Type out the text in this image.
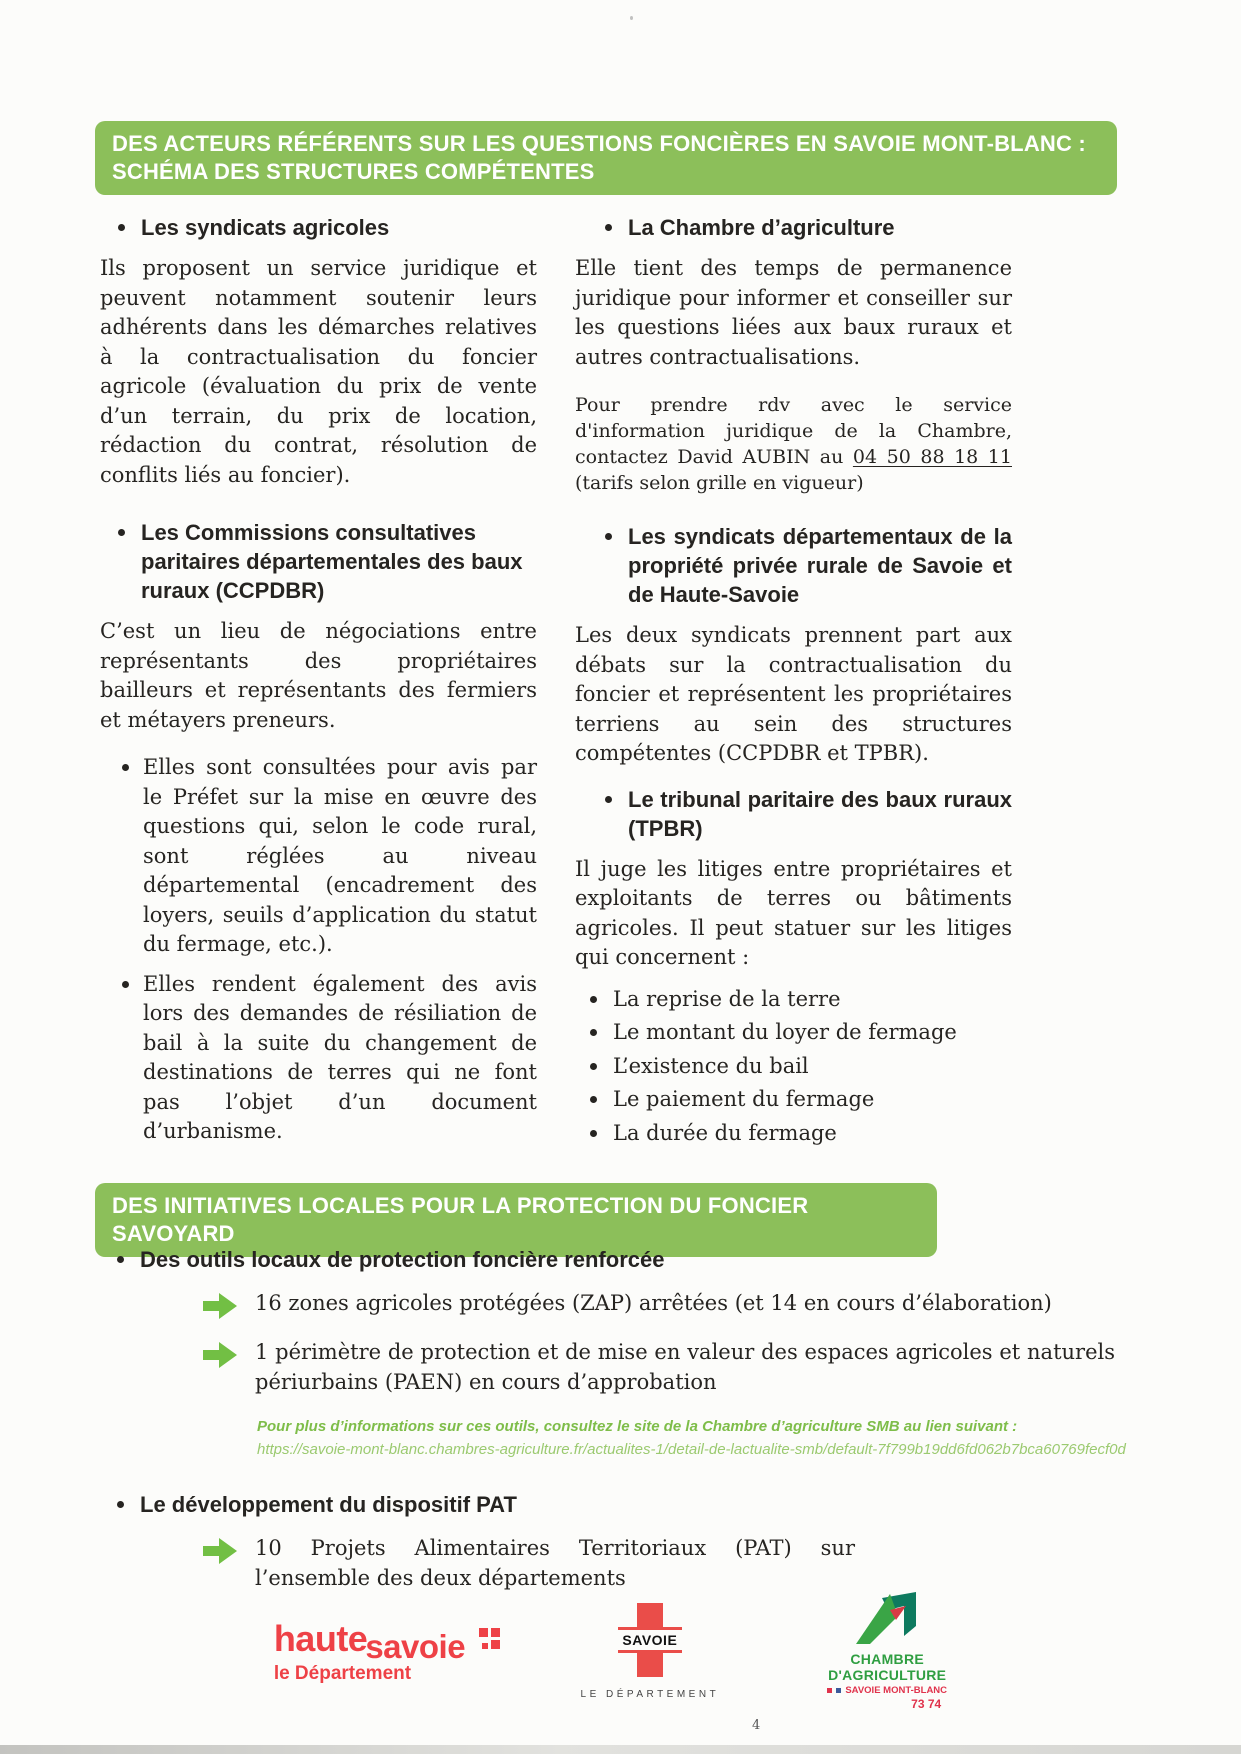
DES ACTEURS RÉFÉRENTS SUR LES QUESTIONS FONCIÈRES EN SAVOIE MONT-BLANC :
SCHÉMA DES STRUCTURES COMPÉTENTES
Les syndicats agricoles

Ils proposent un service juridique et peuvent notamment soutenir leurs adhérents dans les démarches relatives à la contractualisation du foncier agricole (évaluation du prix de vente d’un terrain, du prix de location, rédaction du contrat, résolution de conflits liés au foncier).

Les Commissions consultatives paritaires départementales des baux ruraux (CCPDBR)

C’est un lieu de négociations entre représentants des propriétaires bailleurs et représentants des fermiers et métayers preneurs.

Elles sont consultées pour avis par le Préfet sur la mise en œuvre des questions qui, selon le code rural, sont réglées au niveau départemental (encadrement des loyers, seuils d’application du statut du fermage, etc.).
Elles rendent également des avis lors des demandes de résiliation de bail à la suite du changement de destinations de terres qui ne font pas l’objet d’un document d’urbanisme.
La Chambre d’agriculture

Elle tient des temps de permanence juridique pour informer et conseiller sur les questions liées aux baux ruraux et autres contractualisations.

Pour prendre rdv avec le service d'information juridique de la Chambre, contactez David AUBIN au 04 50 88 18 11 (tarifs selon grille en vigueur)

Les syndicats départementaux de la propriété privée rurale de Savoie et de Haute-Savoie

Les deux syndicats prennent part aux débats sur la contractualisation du foncier et représentent les propriétaires terriens au sein des structures compétentes (CCPDBR et TPBR).

Le tribunal paritaire des baux ruraux (TPBR)

Il juge les litiges entre propriétaires et exploitants de terres ou bâtiments agricoles. Il peut statuer sur les litiges qui concernent :

La reprise de la terre
Le montant du loyer de fermage
L’existence du bail
Le paiement du fermage
La durée du fermage
DES INITIATIVES LOCALES POUR LA PROTECTION DU FONCIER SAVOYARD
Des outils locaux de protection foncière renforcée
16 zones agricoles protégées (ZAP) arrêtées (et 14 en cours d’élaboration)
1 périmètre de protection et de mise en valeur des espaces agricoles et naturels périurbains (PAEN) en cours d’approbation
Pour plus d’informations sur ces outils, consultez le site de la Chambre d’agriculture SMB au lien suivant :
https://savoie-mont-blanc.chambres-agriculture.fr/actualites-1/detail-de-lactualite-smb/default-7f799b19dd6fd062b7bca60769fecf0d
Le développement du dispositif PAT
10 Projets Alimentaires Territoriaux (PAT) sur l’ensemble des deux départements
hautesavoie
le Département
SAVOIE
LE DÉPARTEMENT
CHAMBRE
D'AGRICULTURE
SAVOIE MONT-BLANC
73 74
4
